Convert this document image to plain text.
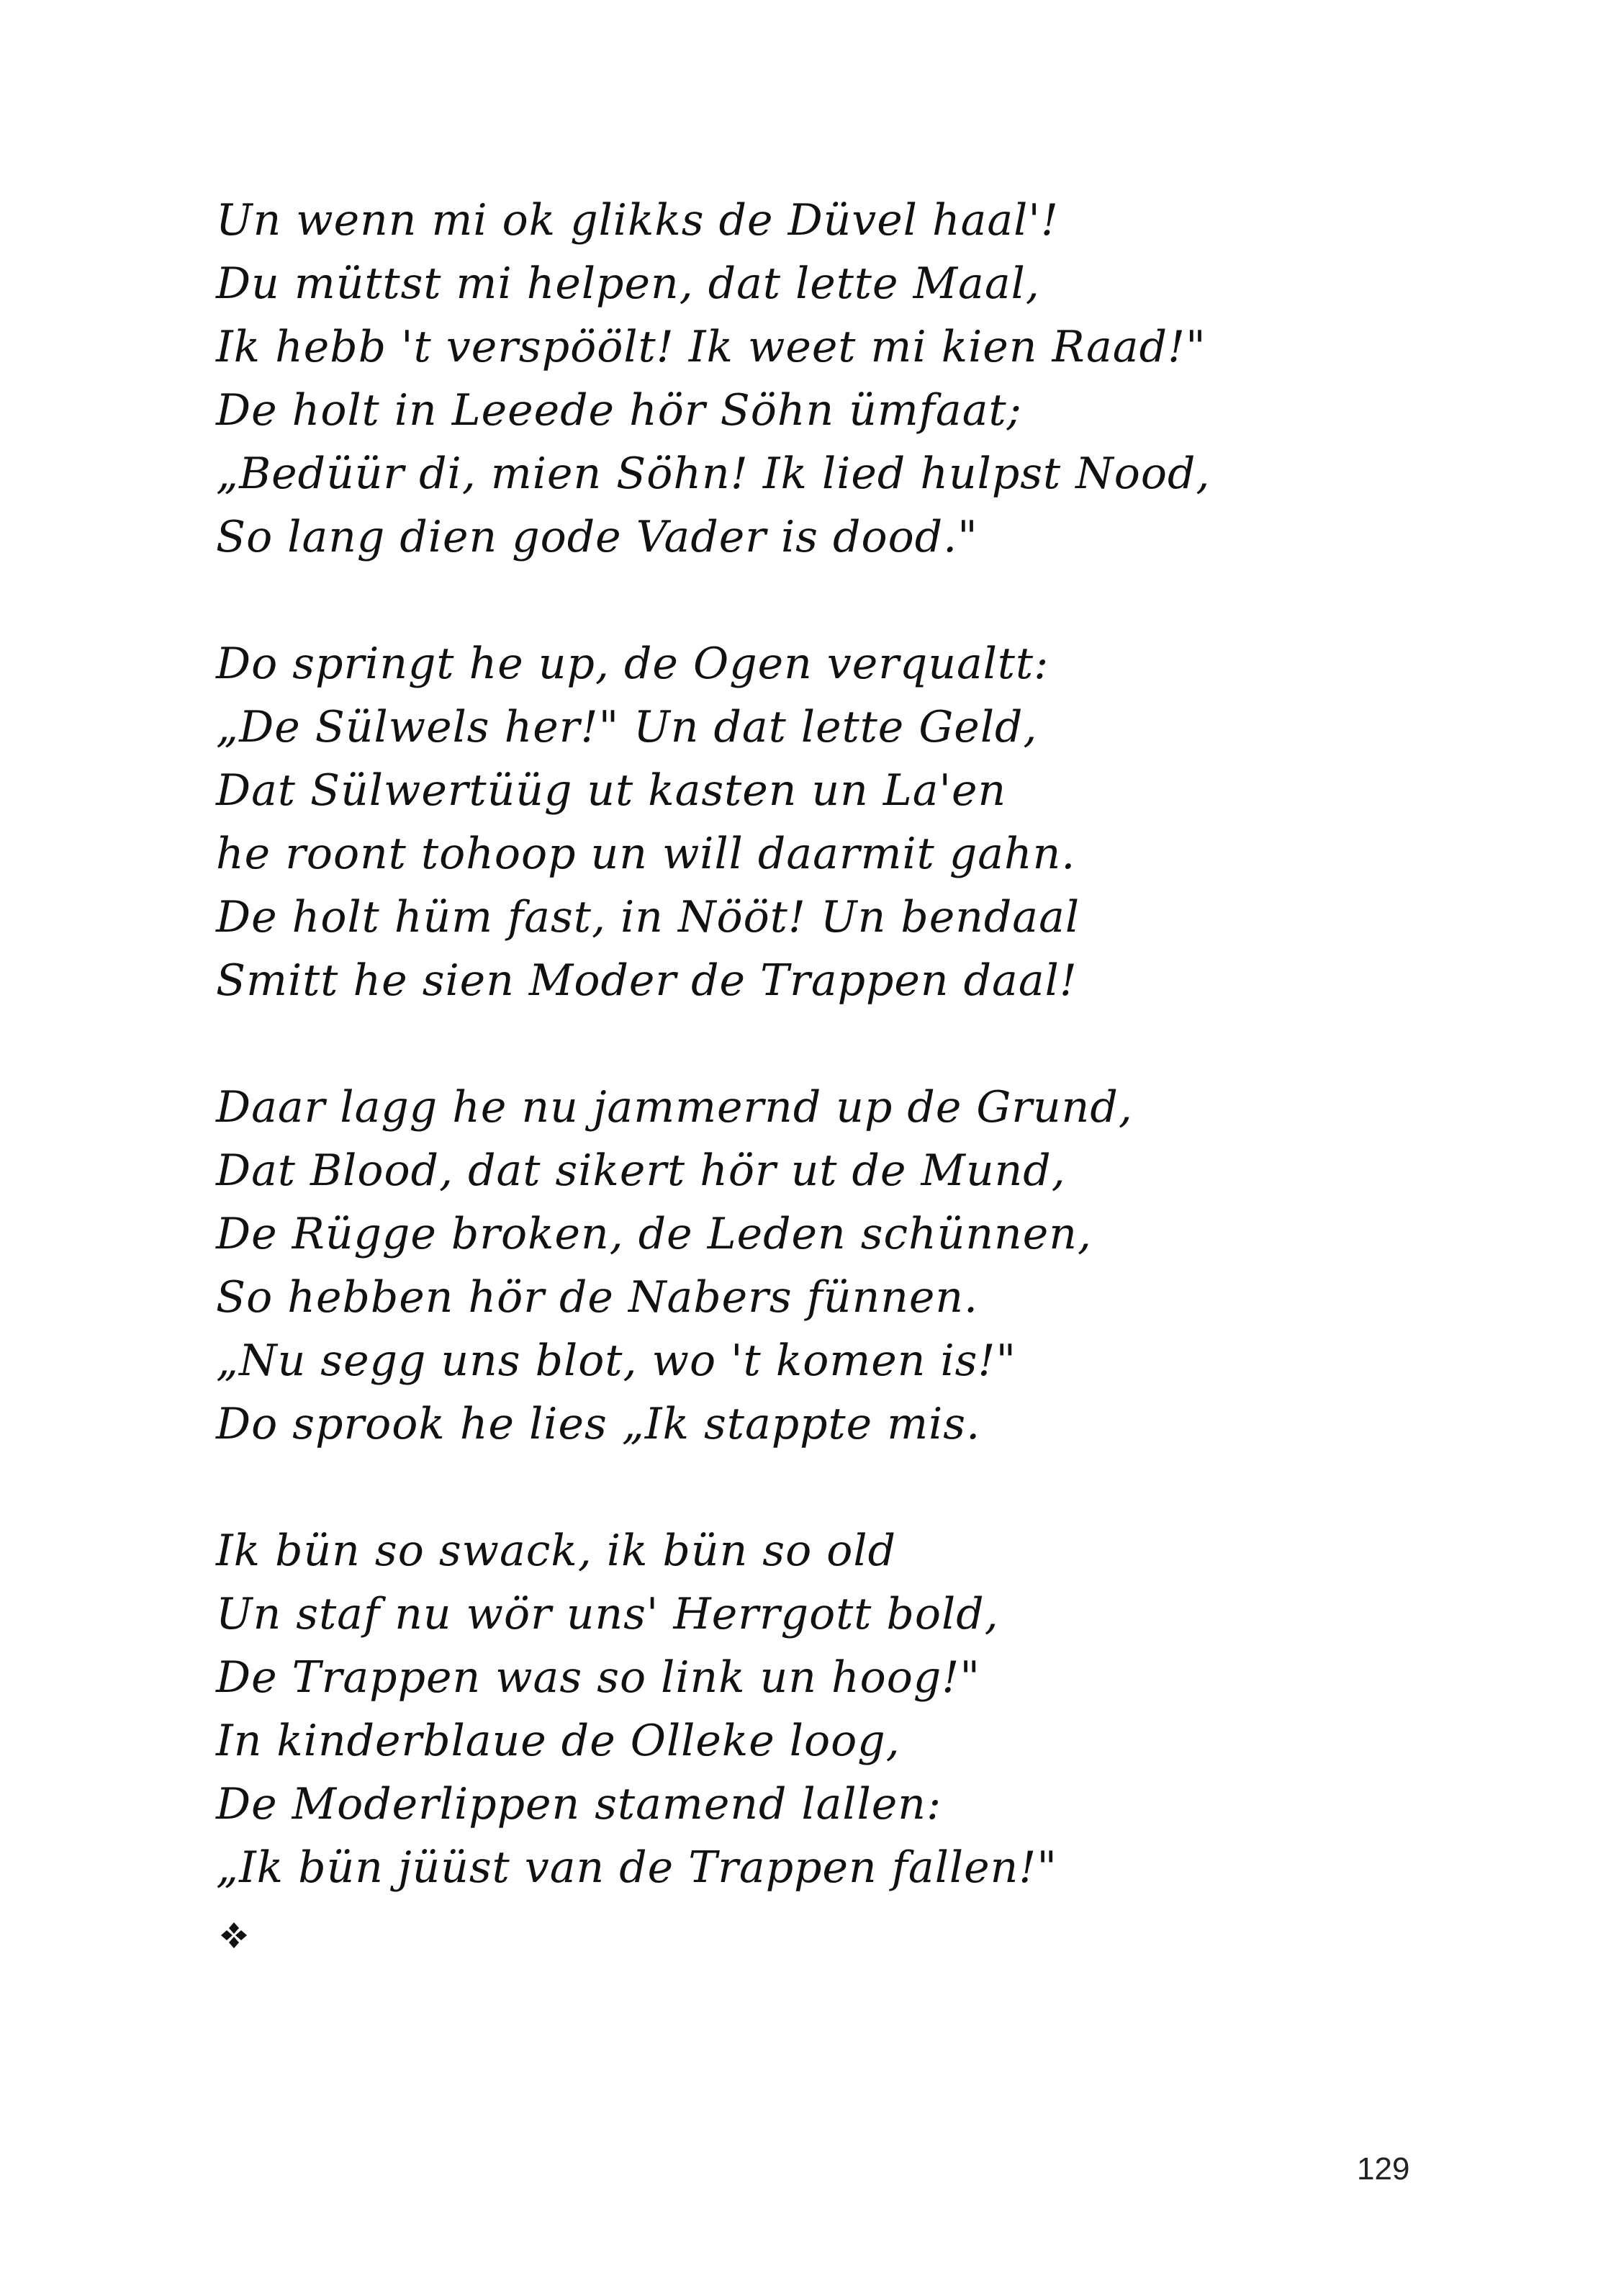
Un wenn mi ok glikks de Düvel haal'!
Du müttst mi helpen, dat lette Maal,
Ik hebb 't verspöölt! Ik weet mi kien Raad!"
De holt in Leeede hör Söhn ümfaat;
„Bedüür di, mien Söhn! Ik lied hulpst Nood,
So lang dien gode Vader is dood."
Do springt he up, de Ogen verqualtt:
„De Sülwels her!" Un dat lette Geld,
Dat Sülwertüüg ut kasten un La'en
he roont tohoop un will daarmit gahn.
De holt hüm fast, in Nööt! Un bendaal
Smitt he sien Moder de Trappen daal!
Daar lagg he nu jammernd up de Grund,
Dat Blood, dat sikert hör ut de Mund,
De Rügge broken, de Leden schünnen,
So hebben hör de Nabers fünnen.
„Nu segg uns blot, wo 't komen is!"
Do sprook he lies „Ik stappte mis.
Ik bün so swack, ik bün so old
Un staf nu wör uns' Herrgott bold,
De Trappen was so link un hoog!"
In kinderblaue de Olleke loog,
De Moderlippen stamend lallen:
„Ik bün jüüst van de Trappen fallen!"
129
